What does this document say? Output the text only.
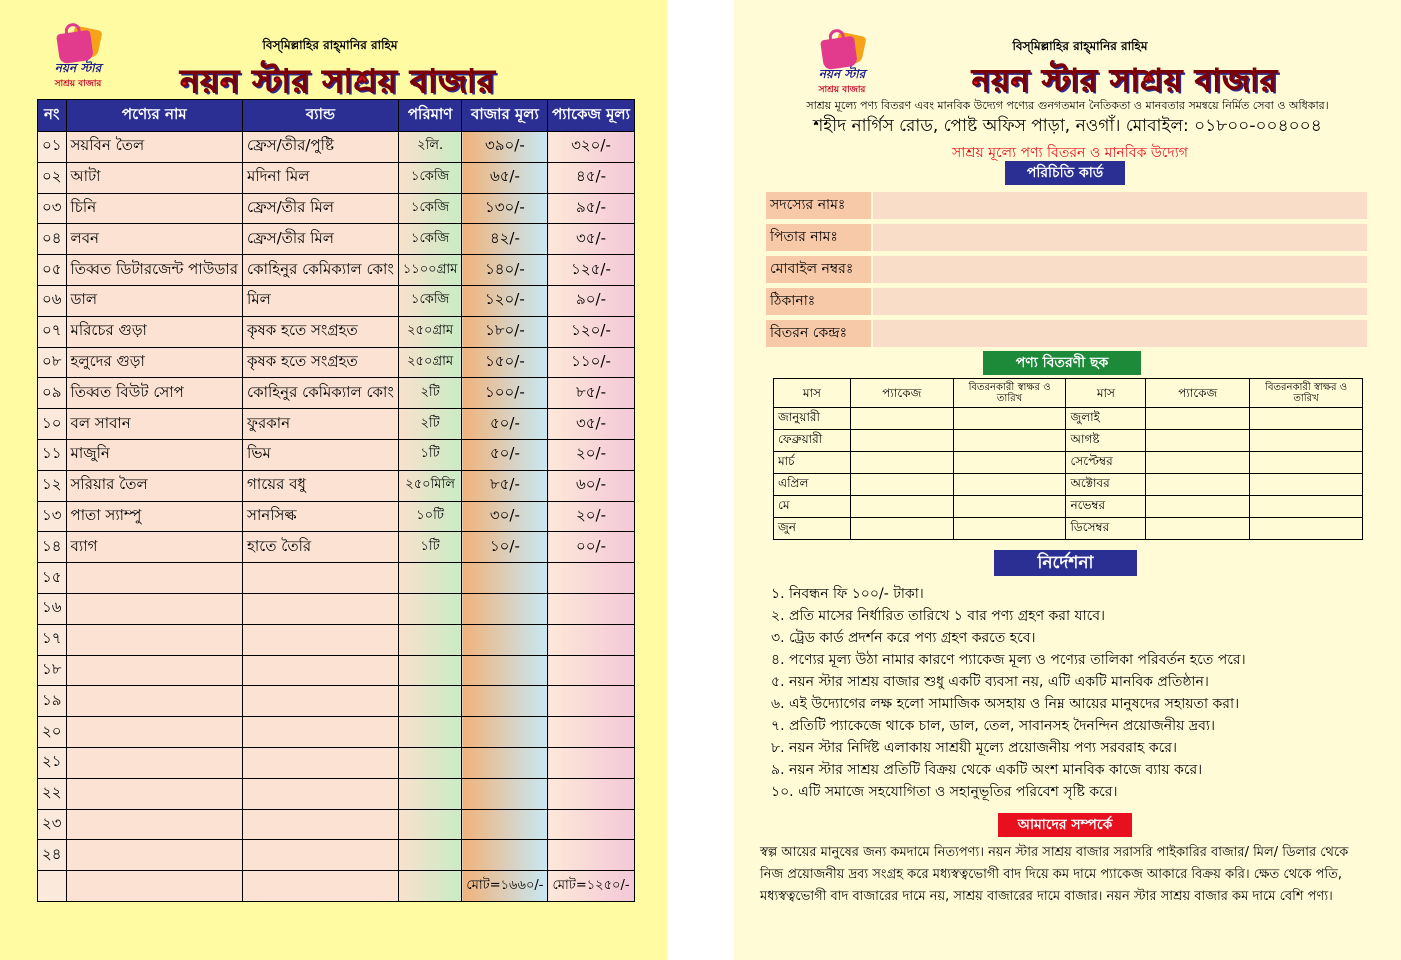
নয়ন স্টার
সাশ্রয় বাজার
বিস্‌মিল্লাহির রাহ্‌মানির রাহিম
নয়ন স্টার সাশ্রয় বাজার
নং	পণ্যের নাম	ব্যান্ড	পরিমাণ	বাজার মূল্য	প্যাকেজ মূল্য
০১	সয়বিন তৈল	ফ্রেস/তীর/পুষ্টি	২লি.	৩৯০/-	৩২০/-
০২	আটা	মদিনা মিল	১কেজি	৬৫/-	৪৫/-
০৩	চিনি	ফ্রেস/তীর মিল	১কেজি	১৩০/-	৯৫/-
০৪	লবন	ফ্রেস/তীর মিল	১কেজি	৪২/-	৩৫/-
০৫	তিব্বত ডিটারজেন্ট পাউডার	কোহিনুর কেমিক্যাল কোং	১১০০গ্রাম	১৪০/-	১২৫/-
০৬	ডাল	মিল	১কেজি	১২০/-	৯০/-
০৭	মরিচের গুড়া	কৃষক হতে সংগ্রহত	২৫০গ্রাম	১৮০/-	১২০/-
০৮	হলুদের গুড়া	কৃষক হতে সংগ্রহত	২৫০গ্রাম	১৫০/-	১১০/-
০৯	তিব্বত বিউট সোপ	কোহিনুর কেমিক্যাল কোং	২টি	১০০/-	৮৫/-
১০	বল সাবান	ফুরকান	২টি	৫০/-	৩৫/-
১১	মাজুনি	ভিম	১টি	৫০/-	২০/-
১২	সরিয়ার তৈল	গায়ের বধু	২৫০মিলি	৮৫/-	৬০/-
১৩	পাতা স্যাম্পু	সানসিল্ক	১০টি	৩০/-	২০/-
১৪	ব্যাগ	হাতে তৈরি	১টি	১০/-	০০/-
১৫					
১৬					
১৭					
১৮					
১৯					
২০					
২১					
২২					
২৩					
২৪					
				মোট=১৬৬০/-	মোট=১২৫০/-
নয়ন স্টার
সাশ্রয় বাজার
বিস্‌মিল্লাহির রাহ্‌মানির রাহিম
নয়ন স্টার সাশ্রয় বাজার
সাশ্রয় মূল্যে পণ্য বিতরণ এবং মানবিক উদ্যেগ পণ্যের গুনগতমান নৈতিকতা ও মানবতার সমন্বয়ে নির্মিত সেবা ও অধিকার।
শহীদ নার্গিস রোড, পোষ্ট অফিস পাড়া, নওগাঁ। মোবাইল: ০১৮০০-০০৪০০৪
সাশ্রয় মূল্যে পণ্য বিতরন ও মানবিক উদ্যেগ
পরিচিতি কার্ড
সদস্যের নামঃ
পিতার নামঃ
মোবাইল নম্বরঃ
ঠিকানাঃ
বিতরন কেন্দ্রঃ
পণ্য বিতরণী ছক
মাস	প্যাকেজ	বিতরনকারী স্বাক্ষর ও তারিখ	মাস	প্যাকেজ	বিতরনকারী স্বাক্ষর ও তারিখ
জানুয়ারী			জুলাই		
ফেব্রুয়ারী			আগষ্ট		
মার্চ			সেপ্টেম্বর		
এপ্রিল			অক্টোবর		
মে			নভেম্বর		
জুন			ডিসেম্বর		
নির্দেশনা
১. নিবন্ধন ফি ১০০/- টাকা।
২. প্রতি মাসের নির্ধারিত তারিখে ১ বার পণ্য গ্রহণ করা যাবে।
৩. ট্রেড কার্ড প্রদর্শন করে পণ্য গ্রহণ করতে হবে।
৪. পণ্যের মূল্য উঠা নামার কারণে প্যাকেজ মূল্য ও পণ্যের তালিকা পরিবর্তন হতে পরে।
৫. নয়ন স্টার সাশ্রয় বাজার শুধু একটি ব্যবসা নয়, এটি একটি মানবিক প্রতিষ্ঠান।
৬. এই উদ্যোগের লক্ষ হলো সামাজিক অসহায় ও নিম্ন আয়ের মানুষদের সহায়তা করা।
৭. প্রতিটি প্যাকেজে থাকে চাল, ডাল, তেল, সাবানসহ দৈনন্দিন প্রয়োজনীয় দ্রব্য।
৮. নয়ন স্টার নির্দিষ্ট এলাকায় সাশ্রয়ী মূল্যে প্রয়োজনীয় পণ্য সরবরাহ করে।
৯. নয়ন স্টার সাশ্রয় প্রতিটি বিক্রয় থেকে একটি অংশ মানবিক কাজে ব্যায় করে।
১০. এটি সমাজে সহযোগিতা ও সহানুভূতির পরিবেশ সৃষ্টি করে।
আমাদের সম্পর্কে

স্বল্প আয়ের মানুষের জন্য কমদামে নিত্যপণ্য। নয়ন স্টার সাশ্রয় বাজার সরাসরি পাইকারির বাজার/ মিল/ ডিলার থেকে নিজ প্রয়োজনীয় দ্রব্য সংগ্রহ করে মধ্যস্বত্বভোগী বাদ দিয়ে কম দামে প্যাকেজ আকারে বিক্রয় করি। ক্ষেত থেকে পতি, মধ্যস্বত্বভোগী বাদ বাজারের দামে নয়, সাশ্রয় বাজারের দামে বাজার। নয়ন স্টার সাশ্রয় বাজার কম দামে বেশি পণ্য।
